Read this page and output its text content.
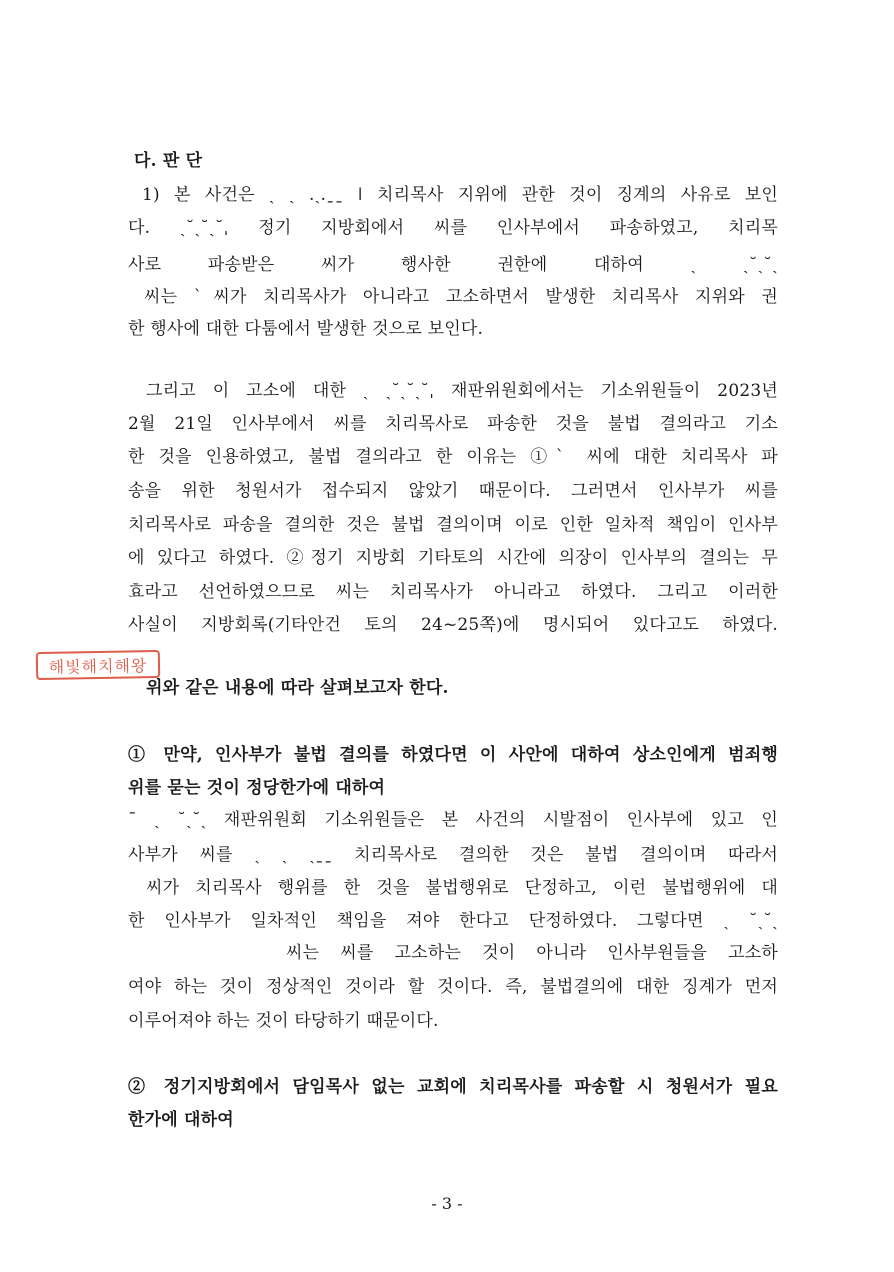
다. 판 단
1) 본 사건은 ˎ ˎ .ˎ.ˍˍ ǀ 치리목사 지위에 관한 것이 징계의 사유로 보인
다. ˎ˘ˎ˘ˎ˘ˌ 정기 지방회에서 씨를 인사부에서 파송하였고, 치리목
사로 파송받은 씨가 행사한 권한에 대하여 ˎ ˎ˘ˎ˘ˎ
씨는 ˋ씨가 치리목사가 아니라고 고소하면서 발생한 치리목사 지위와 권
한 행사에 대한 다툼에서 발생한 것으로 보인다.
그리고 이 고소에 대한 ˎ ˎ˘ˎ˘ˎ˘ˌ 재판위원회에서는 기소위원들이 2023년
2월 21일 인사부에서 씨를 치리목사로 파송한 것을 불법 결의라고 기소
한 것을 인용하였고, 불법 결의라고 한 이유는 ①ˋ 씨에 대한 치리목사 파
송을 위한 청원서가 접수되지 않았기 때문이다. 그러면서 인사부가 씨를
치리목사로 파송을 결의한 것은 불법 결의이며 이로 인한 일차적 책임이 인사부
에 있다고 하였다. ②정기 지방회 기타토의 시간에 의장이 인사부의 결의는 무
효라고 선언하였으므로 씨는 치리목사가 아니라고 하였다. 그리고 이러한
사실이 지방회록(기타안건 토의 24~25쪽)에 명시되어 있다고도 하였다.
해빛해치해왕
위와 같은 내용에 따라 살펴보고자 한다.
① 만약, 인사부가 불법 결의를 하였다면 이 사안에 대하여 상소인에게 범죄행
위를 묻는 것이 정당한가에 대하여
ˉ ˎ ˘ˎ˘ˎ 재판위원회 기소위원들은 본 사건의 시발점이 인사부에 있고 인
사부가 씨를 ˎ ˎ ˎˍˍ 치리목사로 결의한 것은 불법 결의이며 따라서
씨가 치리목사 행위를 한 것을 불법행위로 단정하고, 이런 불법행위에 대
한 인사부가 일차적인 책임을 져야 한다고 단정하였다. 그렇다면 ˎ ˘ˎ˘ˎ
씨는 씨를 고소하는 것이 아니라 인사부원들을 고소하
여야 하는 것이 정상적인 것이라 할 것이다. 즉, 불법결의에 대한 징계가 먼저
이루어져야 하는 것이 타당하기 때문이다.
② 정기지방회에서 담임목사 없는 교회에 치리목사를 파송할 시 청원서가 필요
한가에 대하여
- 3 -
